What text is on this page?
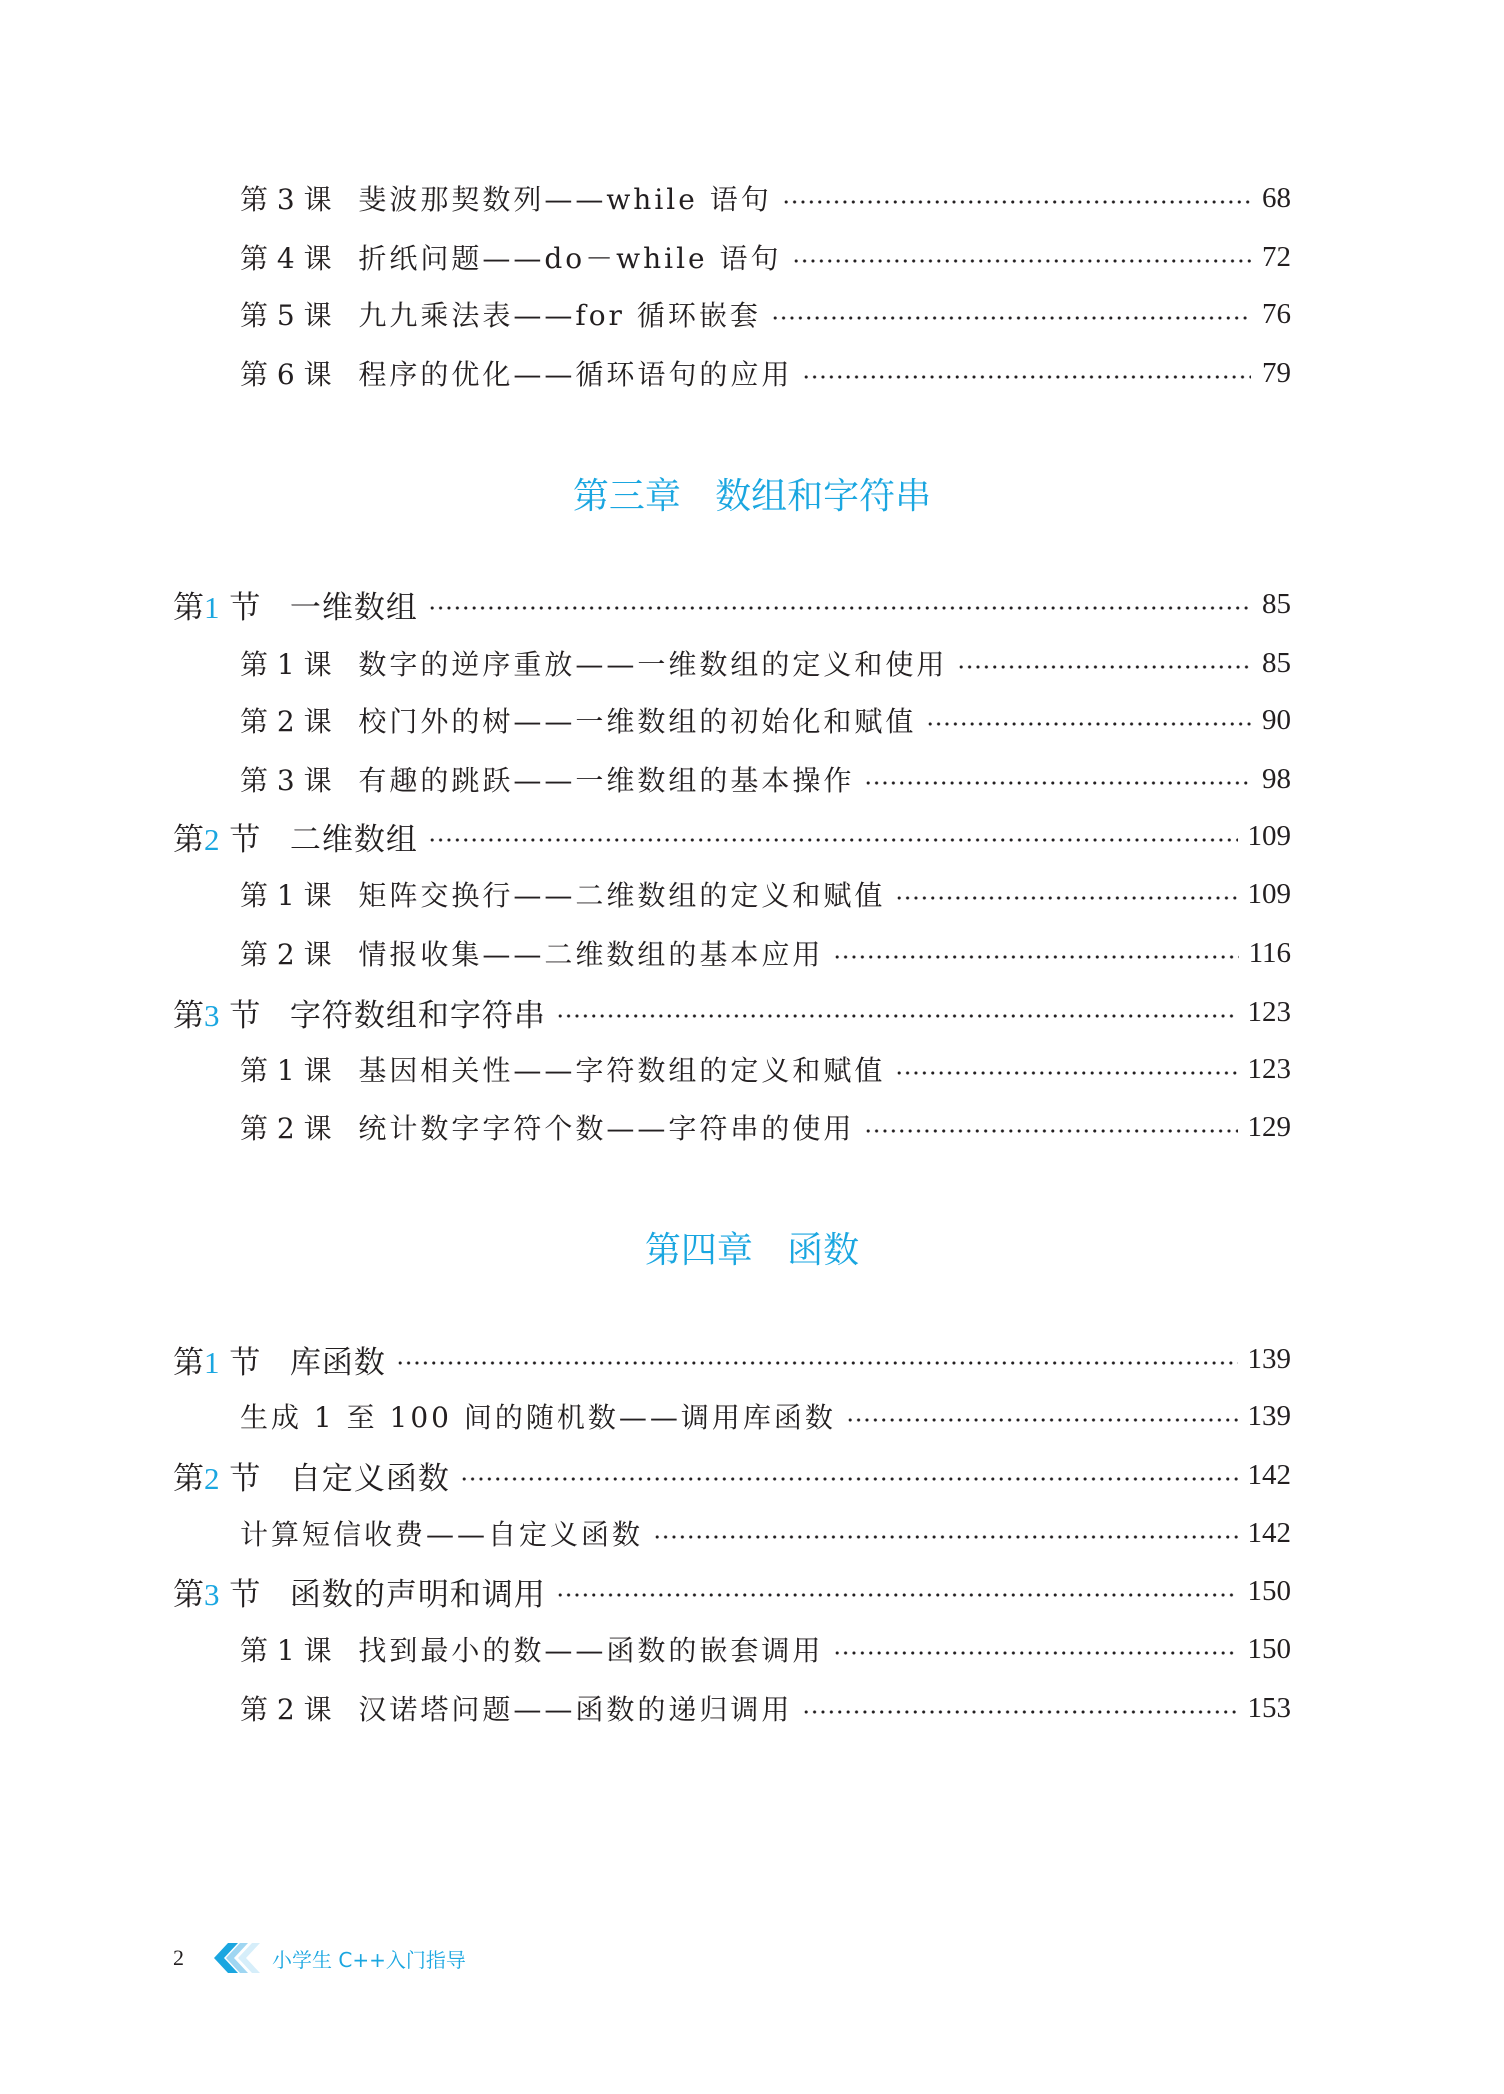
第 3 课 斐波那契数列——while 语句	68
第 4 课 折纸问题——do－while 语句	72
第 5 课 九九乘法表——for 循环嵌套	76
第 6 课 程序的优化——循环语句的应用	79
第三章   数组和字符串
第1 节 一维数组	85
第 1 课 数字的逆序重放——一维数组的定义和使用	85
第 2 课 校门外的树——一维数组的初始化和赋值	90
第 3 课 有趣的跳跃——一维数组的基本操作	98
第2 节 二维数组	109
第 1 课 矩阵交换行——二维数组的定义和赋值	109
第 2 课 情报收集——二维数组的基本应用	116
第3 节 字符数组和字符串	123
第 1 课 基因相关性——字符数组的定义和赋值	123
第 2 课 统计数字字符个数——字符串的使用	129
第四章   函数
第1 节 库函数	139
生成 1 至 100 间的随机数——调用库函数	139
第2 节 自定义函数	142
计算短信收费——自定义函数	142
第3 节 函数的声明和调用	150
第 1 课 找到最小的数——函数的嵌套调用	150
第 2 课 汉诺塔问题——函数的递归调用	153
2	小学生 C++入门指导
